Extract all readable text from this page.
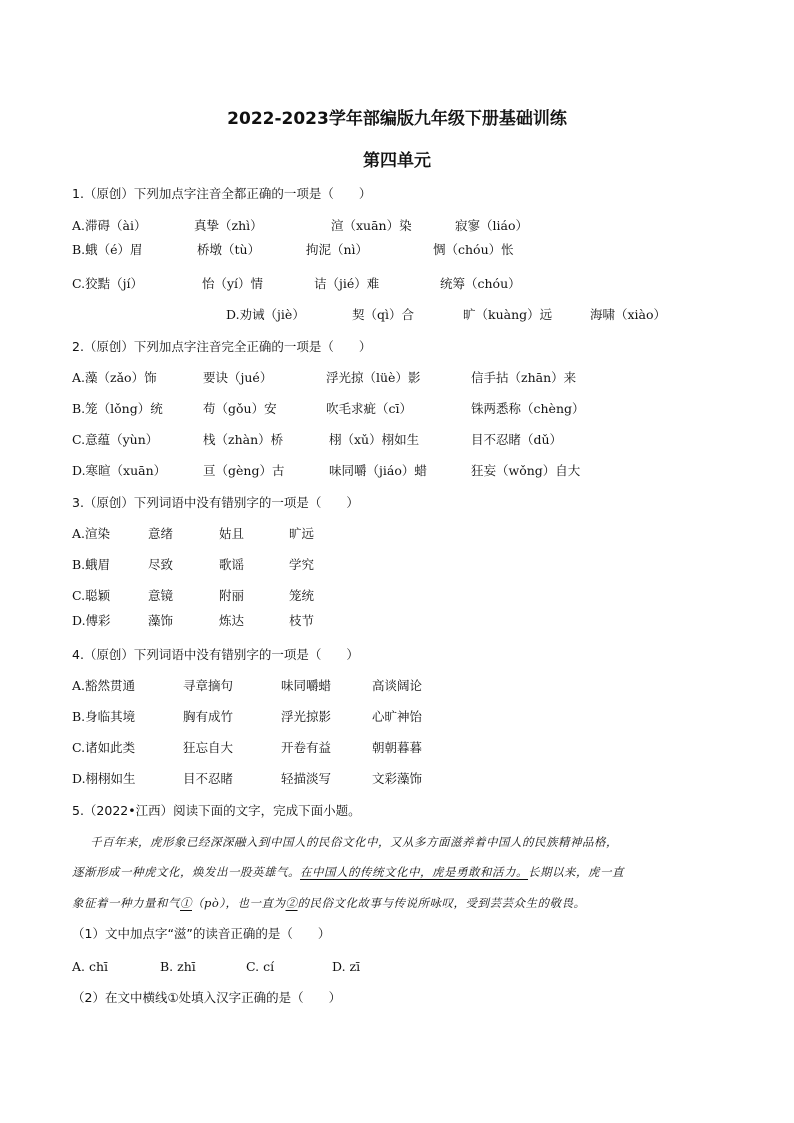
2022-2023学年部编版九年级下册基础训练
第四单元
1.（原创）下列加点字注音全都正确的一项是（　　）
A.滞碍（ài）	真挚（zhì）	渲（xuān）染	寂寥（liáo）
B.蛾（é）眉	桥墩（tù）	拘泥（nì）	惆（chóu）怅
C.狡黠（jí）	怡（yí）情	诘（jié）难	统筹（chóu）
D.劝诫（jiè）	契（qì）合	旷（kuàng）远	海啸（xiào）
2.（原创）下列加点字注音完全正确的一项是（　　）
A.藻（zǎo）饰	要诀（jué）	浮光掠（lüè）影	信手拈（zhān）来
B.笼（lǒng）统	苟（gǒu）安	吹毛求疵（cī）	铢两悉称（chèng）
C.意蕴（yùn）	栈（zhàn）桥	栩（xǔ）栩如生	目不忍睹（dǔ）
D.寒暄（xuān）	亘（gèng）古	味同嚼（jiáo）蜡	狂妄（wǒng）自大
3.（原创）下列词语中没有错别字的一项是（　　）
A.渲染	意绪	姑且	旷远
B.蛾眉	尽致	歌谣	学究
C.聪颖	意镜	附丽	笼统
D.傅彩	藻饰	炼达	枝节
4.（原创）下列词语中没有错别字的一项是（　　）
A.豁然贯通	寻章摘句	味同嚼蜡	高谈阔论
B.身临其境	胸有成竹	浮光掠影	心旷神饴
C.诸如此类	狂忘自大	开卷有益	朝朝暮暮
D.栩栩如生	目不忍睹	轻描淡写	文彩藻饰
5.（2022•江西）阅读下面的文字，完成下面小题。
千百年来，虎形象已经深深融入到中国人的民俗文化中，又从多方面滋养着中国人的民族精神品格，
逐渐形成一种虎文化，焕发出一股英雄气。在中国人的传统文化中，虎是勇敢和活力。长期以来，虎一直
象征着一种力量和气①（pò），也一直为②的民俗文化故事与传说所咏叹，受到芸芸众生的敬畏。
（1）文中加点字“滋”的读音正确的是（　　）
A. chī	B. zhī	C. cí	D. zī
（2）在文中横线①处填入汉字正确的是（　　）
